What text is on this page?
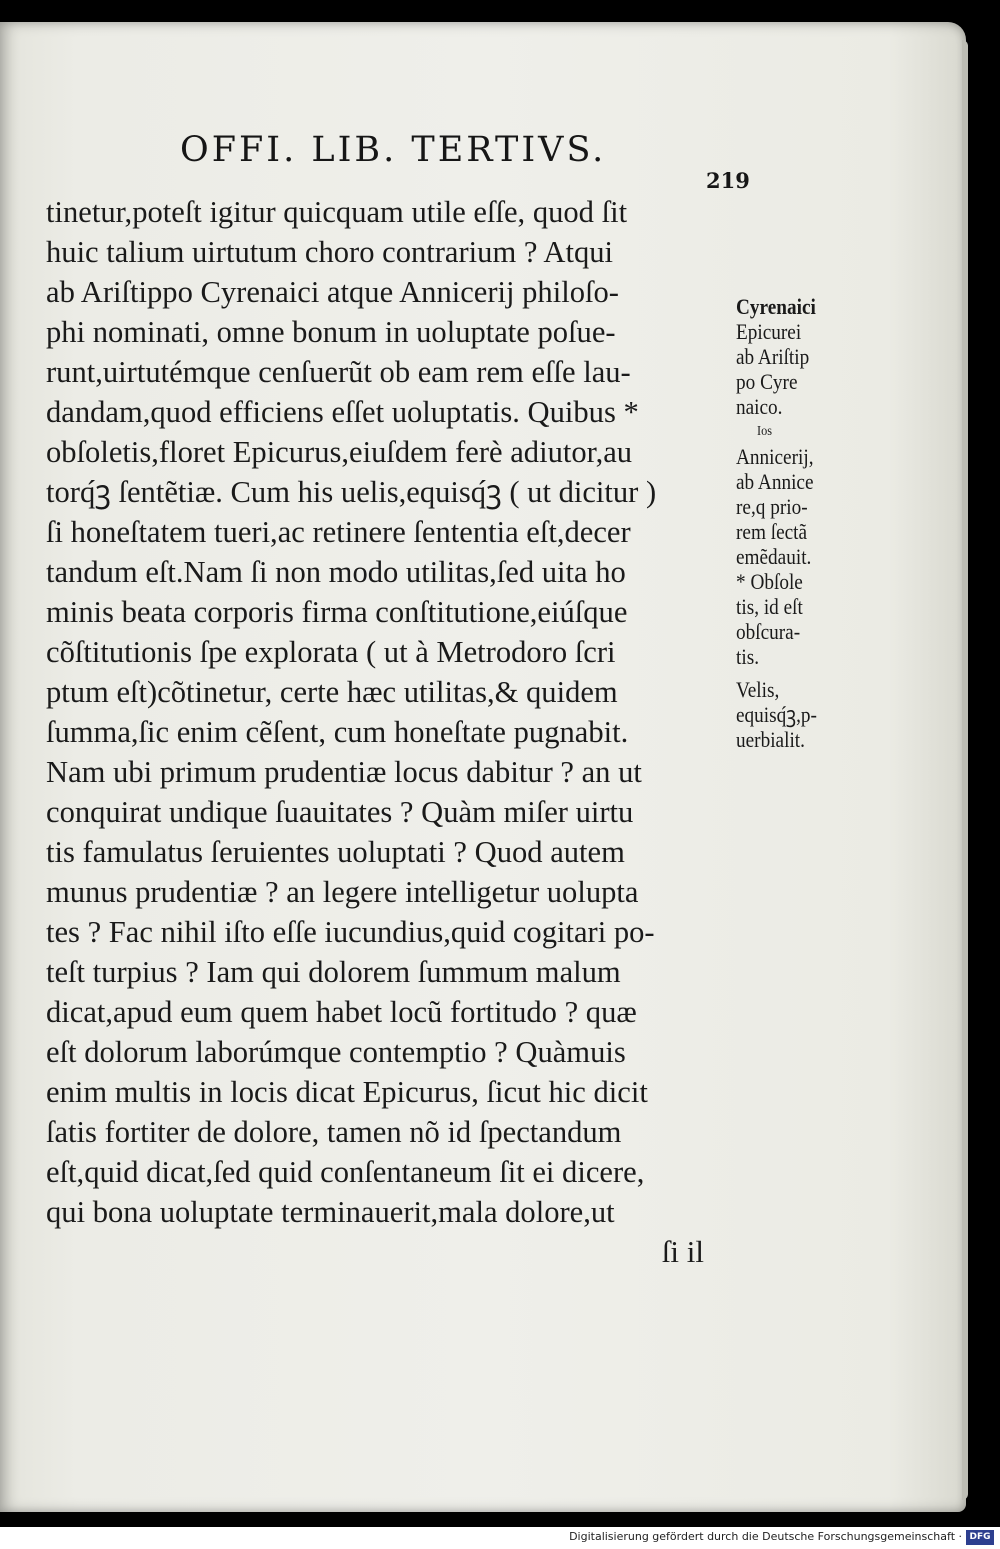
OFFI. LIB. TERTIVS.
219
tinetur,poteſt igitur quicquam utile eſſe, quod ſit
huic talium uirtutum choro contrarium ? Atqui
ab Ariſtippo Cyrenaici atque Annicerij philoſo-
phi nominati, omne bonum in uoluptate poſue-
runt,uirtutémque cenſuerũt ob eam rem eſſe lau-
dandam,quod efficiens eſſet uoluptatis. Quibus *
obſoletis,floret Epicurus,eiuſdem ferè adiutor,au
torq́ꝫ ſentẽtiæ. Cum his uelis,equisq́ꝫ ( ut dicitur )
ſi honeſtatem tueri,ac retinere ſententia eſt,decer
tandum eſt.Nam ſi non modo utilitas,ſed uita ho
minis beata corporis firma conſtitutione,eiúſque
cõſtitutionis ſpe explorata ( ut à Metrodoro ſcri
ptum eſt)cõtinetur, certe hæc utilitas,& quidem
ſumma,ſic enim cẽſent, cum honeſtate pugnabit.
Nam ubi primum prudentiæ locus dabitur ? an ut
conquirat undique ſuauitates ? Quàm miſer uirtu
tis famulatus ſeruientes uoluptati ? Quod autem
munus prudentiæ ? an legere intelligetur uolupta
tes ? Fac nihil iſto eſſe iucundius,quid cogitari po-
teſt turpius ? Iam qui dolorem ſummum malum
dicat,apud eum quem habet locũ fortitudo ? quæ
eſt dolorum laborúmque contemptio ? Quàmuis
enim multis in locis dicat Epicurus, ſicut hic dicit
ſatis fortiter de dolore, tamen nõ id ſpectandum
eſt,quid dicat,ſed quid conſentaneum ſit ei dicere,
qui bona uoluptate terminauerit,mala dolore,ut
ſi il
Cyrenaici
Epicurei
ab Ariſtip
po Cyre
naico.
Ios
Annicerij,
ab Annice
re,q prio-
rem ſectã
emẽdauit.
* Obſole
tis, id eſt
obſcura-
tis.
Velis,
equisq́ꝫ,p-
uerbialit.
Digitalisierung gefördert durch die Deutsche Forschungsgemeinschaft · DFG
